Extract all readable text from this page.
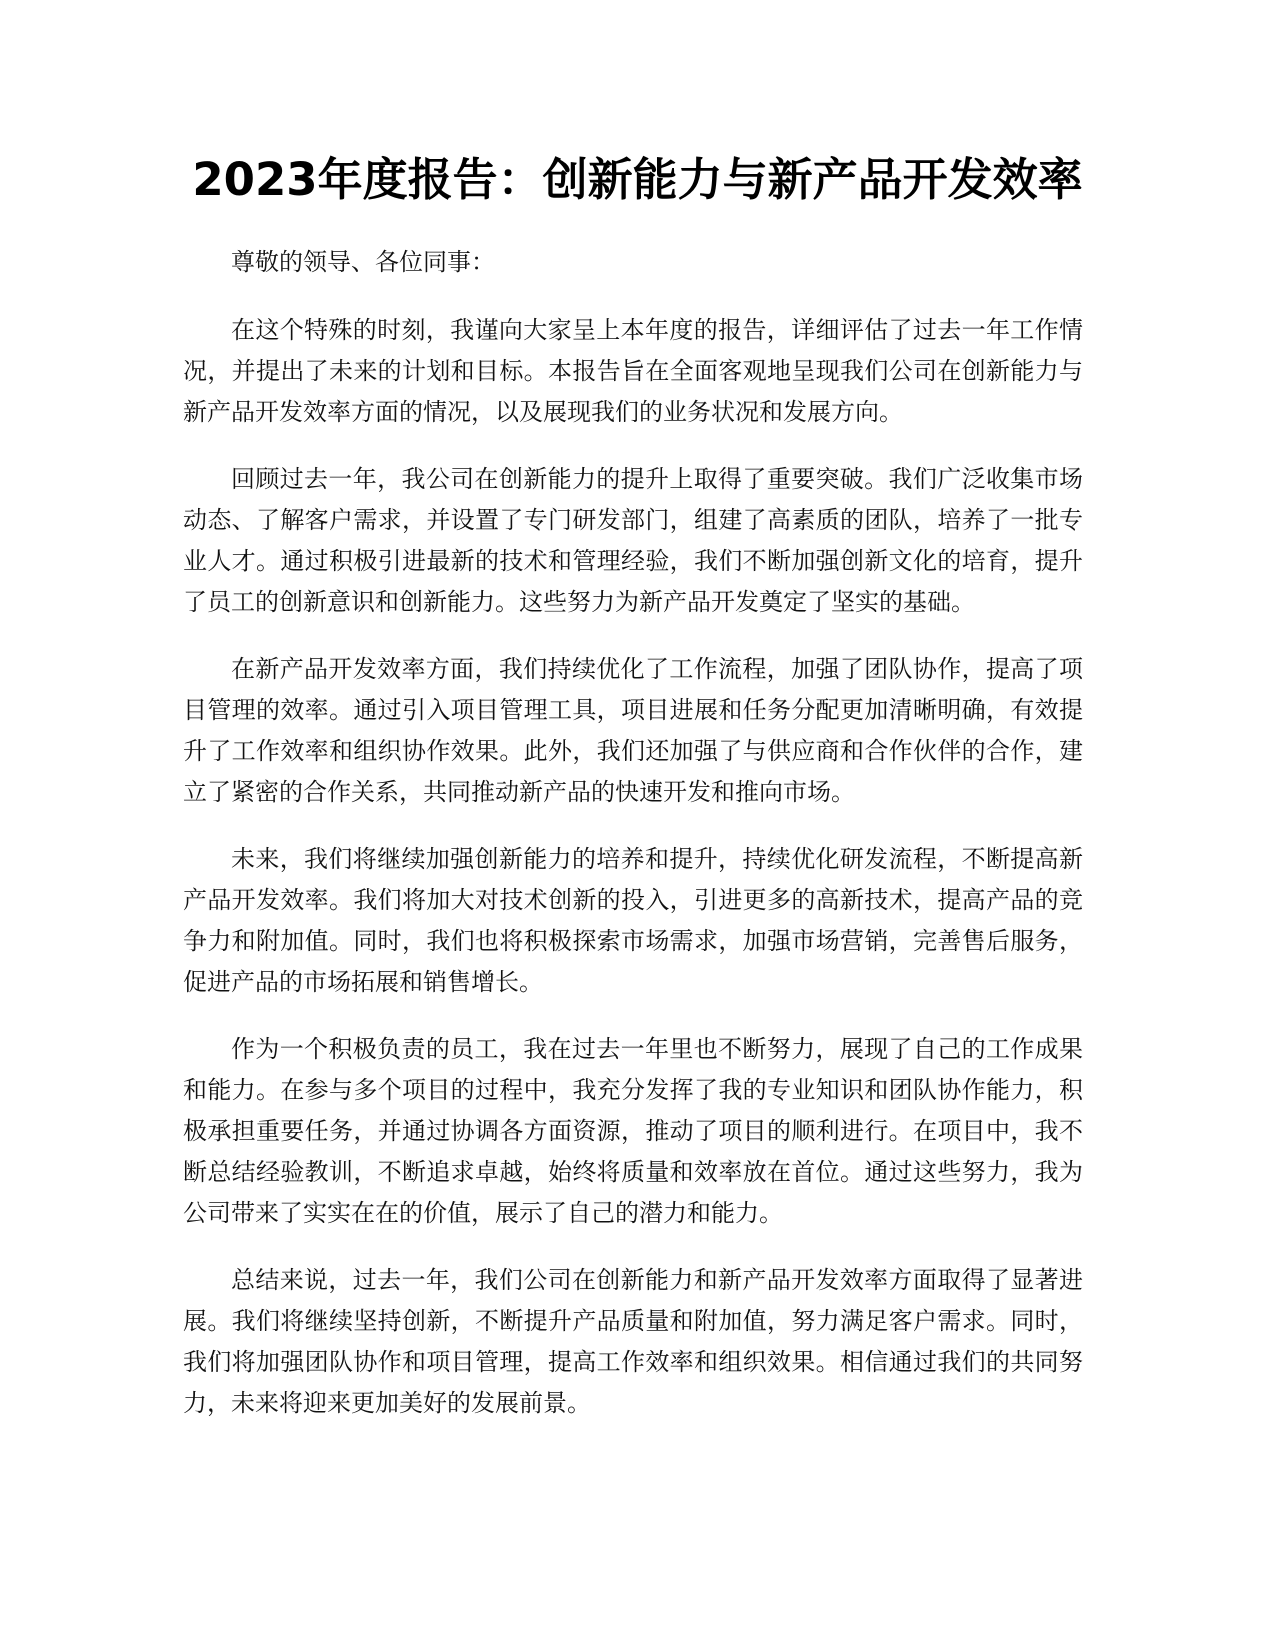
2023年度报告：创新能力与新产品开发效率

尊敬的领导、各位同事：

在这个特殊的时刻，我谨向大家呈上本年度的报告，详细评估了过去一年工作情况，并提出了未来的计划和目标。本报告旨在全面客观地呈现我们公司在创新能力与新产品开发效率方面的情况，以及展现我们的业务状况和发展方向。

回顾过去一年，我公司在创新能力的提升上取得了重要突破。我们广泛收集市场动态、了解客户需求，并设置了专门研发部门，组建了高素质的团队，培养了一批专业人才。通过积极引进最新的技术和管理经验，我们不断加强创新文化的培育，提升了员工的创新意识和创新能力。这些努力为新产品开发奠定了坚实的基础。

在新产品开发效率方面，我们持续优化了工作流程，加强了团队协作，提高了项目管理的效率。通过引入项目管理工具，项目进展和任务分配更加清晰明确，有效提升了工作效率和组织协作效果。此外，我们还加强了与供应商和合作伙伴的合作，建立了紧密的合作关系，共同推动新产品的快速开发和推向市场。

未来，我们将继续加强创新能力的培养和提升，持续优化研发流程，不断提高新产品开发效率。我们将加大对技术创新的投入，引进更多的高新技术，提高产品的竞争力和附加值。同时，我们也将积极探索市场需求，加强市场营销，完善售后服务，促进产品的市场拓展和销售增长。

作为一个积极负责的员工，我在过去一年里也不断努力，展现了自己的工作成果和能力。在参与多个项目的过程中，我充分发挥了我的专业知识和团队协作能力，积极承担重要任务，并通过协调各方面资源，推动了项目的顺利进行。在项目中，我不断总结经验教训，不断追求卓越，始终将质量和效率放在首位。通过这些努力，我为公司带来了实实在在的价值，展示了自己的潜力和能力。

总结来说，过去一年，我们公司在创新能力和新产品开发效率方面取得了显著进展。我们将继续坚持创新，不断提升产品质量和附加值，努力满足客户需求。同时，我们将加强团队协作和项目管理，提高工作效率和组织效果。相信通过我们的共同努力，未来将迎来更加美好的发展前景。
